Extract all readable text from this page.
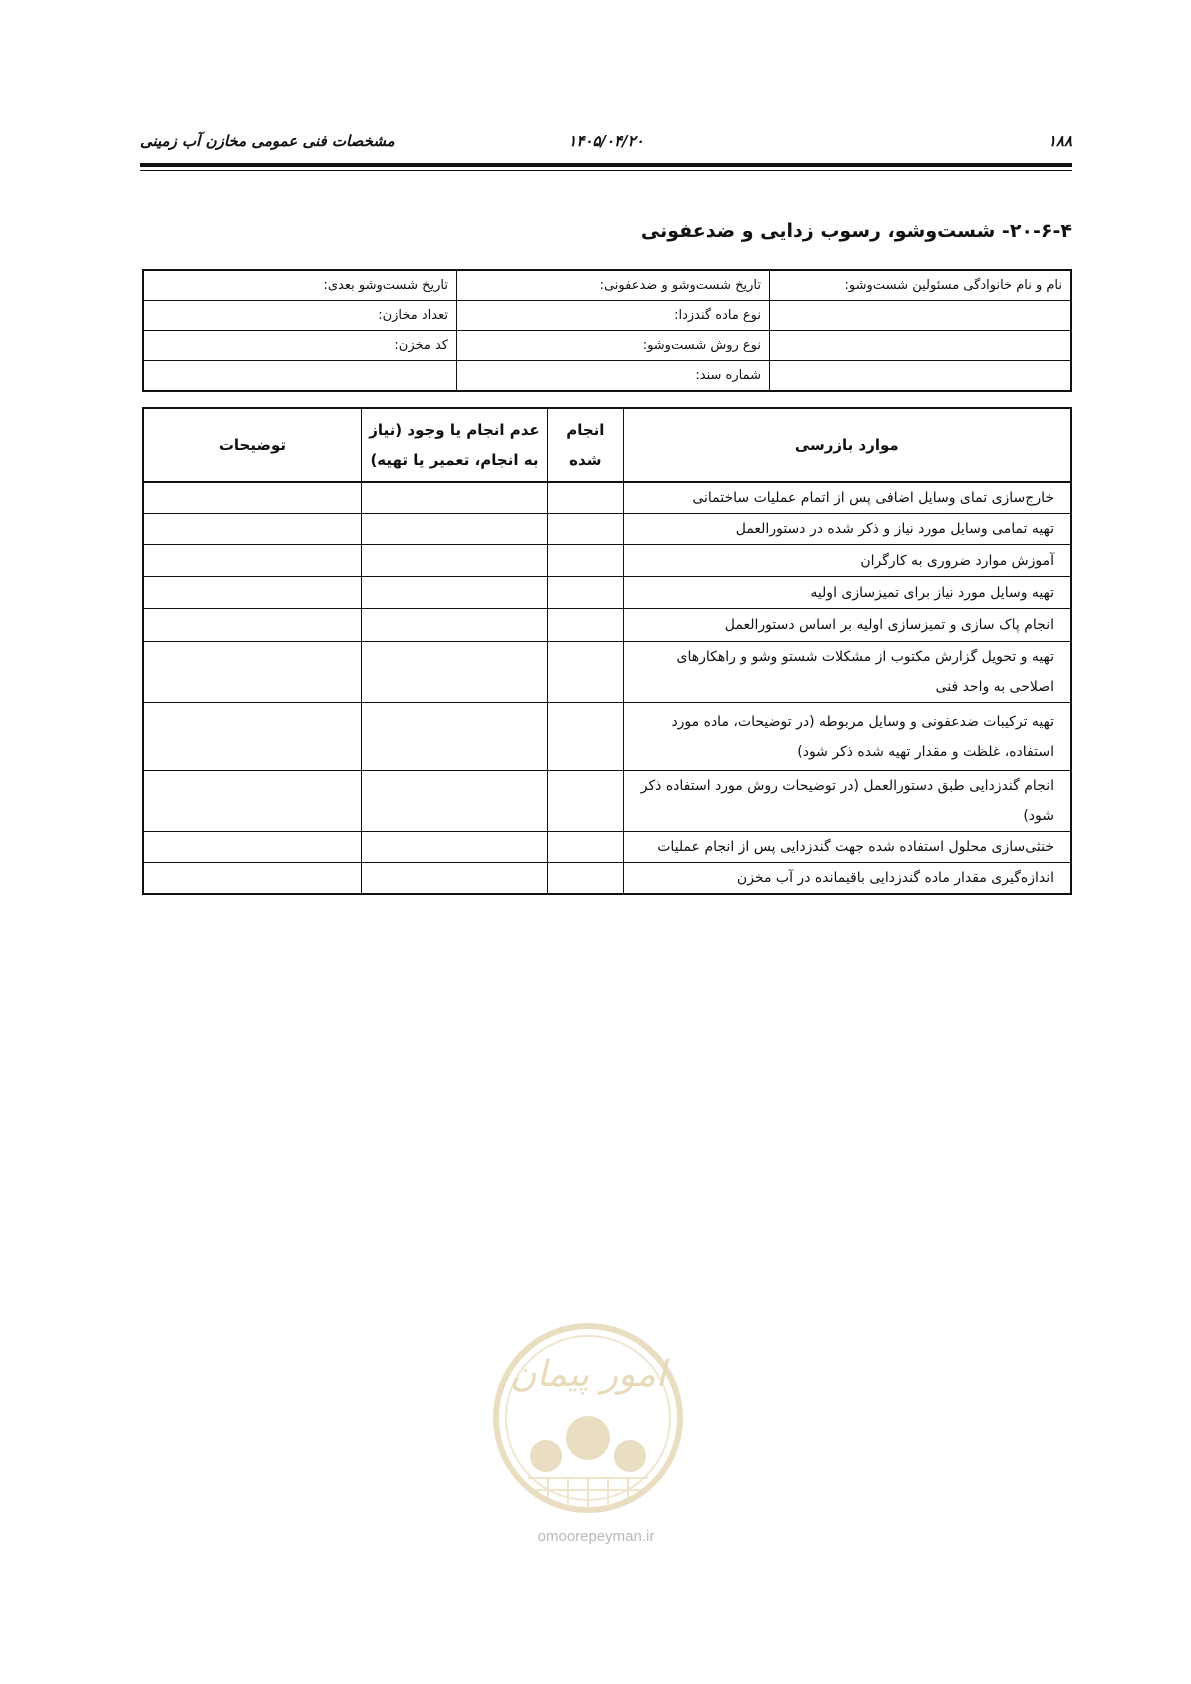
۱۸۸
۱۴۰۵/۰۴/۲۰
مشخصات فنی عمومی مخازن آب زمینی
۲۰-۶-۴- شست‌وشو، رسوب زدایی و ضدعفونی
نام و نام خانوادگی مسئولین شست‌وشو:	تاریخ شست‌وشو و ضدعفونی:	تاریخ شست‌وشو بعدی:
	نوع ماده گندزدا:	تعداد مخازن:
	نوع روش شست‌وشو:	کد مخزن:
	شماره سند:	
موارد بازرسی	انجام شده	عدم انجام یا وجود (نیاز به انجام، تعمیر یا تهیه)	توضیحات
خارج‌سازی تمای وسایل اضافی پس از اتمام عملیات ساختمانی			
تهیه تمامی وسایل مورد نیاز و ذکر شده در دستورالعمل			
آموزش موارد ضروری به کارگران			
تهیه وسایل مورد نیاز برای تمیزسازی اولیه			
انجام پاک سازی و تمیزسازی اولیه بر اساس دستورالعمل			
تهیه و تحویل گزارش مکتوب از مشکلات شستو وشو و راهکارهای اصلاحی به واحد فنی			
تهیه ترکیبات ضدعفونی و وسایل مربوطه (در توضیحات، ماده مورد استفاده، غلظت و مقدار تهیه شده ذکر شود)			
انجام گندزدایی طبق دستورالعمل (در توضیحات روش مورد استفاده ذکر شود)			
خنثی‌سازی محلول استفاده شده جهت گندزدایی پس از انجام عملیات			
اندازه‌گیری مقدار ماده گندزدایی باقیمانده در آب مخزن			
امور پیمان
omoorepeyman.ir
